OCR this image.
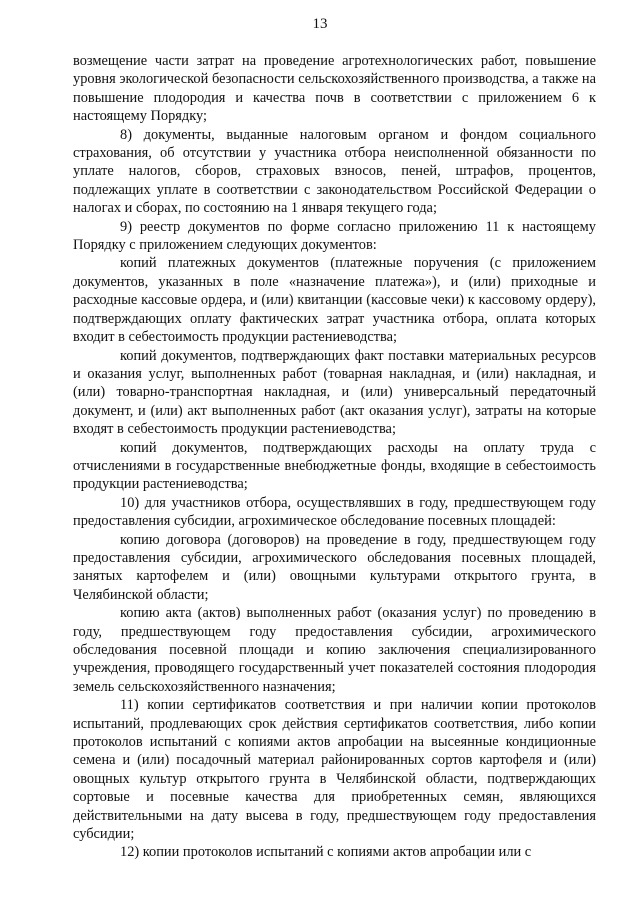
13

возмещение части затрат на проведение агротехнологических работ, повышение уровня экологической безопасности сельскохозяйственного производства, а также на повышение плодородия и качества почв в соответствии с приложением 6 к настоящему Порядку;

8) документы, выданные налоговым органом и фондом социального страхования, об отсутствии у участника отбора неисполненной обязанности по уплате налогов, сборов, страховых взносов, пеней, штрафов, процентов, подлежащих уплате в соответствии с законодательством Российской Федерации о налогах и сборах, по состоянию на 1 января текущего года;

9) реестр документов по форме согласно приложению 11 к настоящему Порядку с приложением следующих документов:

копий платежных документов (платежные поручения (с приложением документов, указанных в поле «назначение платежа»), и (или) приходные и расходные кассовые ордера, и (или) квитанции (кассовые чеки) к кассовому ордеру), подтверждающих оплату фактических затрат участника отбора, оплата которых входит в себестоимость продукции растениеводства;

копий документов, подтверждающих факт поставки материальных ресурсов и оказания услуг, выполненных работ (товарная накладная, и (или) накладная, и (или) товарно-транспортная накладная, и (или) универсальный передаточный документ, и (или) акт выполненных работ (акт оказания услуг), затраты на которые входят в себестоимость продукции растениеводства;

копий документов, подтверждающих расходы на оплату труда с отчислениями в государственные внебюджетные фонды, входящие в себестоимость продукции растениеводства;

10) для участников отбора, осуществлявших в году, предшествующем году предоставления субсидии, агрохимическое обследование посевных площадей:

копию договора (договоров) на проведение в году, предшествующем году предоставления субсидии, агрохимического обследования посевных площадей, занятых картофелем и (или) овощными культурами открытого грунта, в Челябинской области;

копию акта (актов) выполненных работ (оказания услуг) по проведению в году, предшествующем году предоставления субсидии, агрохимического обследования посевной площади и копию заключения специализированного учреждения, проводящего государственный учет показателей состояния плодородия земель сельскохозяйственного назначения;

11) копии сертификатов соответствия и при наличии копии протоколов испытаний, продлевающих срок действия сертификатов соответствия, либо копии протоколов испытаний с копиями актов апробации на высеянные кондиционные семена и (или) посадочный материал районированных сортов картофеля и (или) овощных культур открытого грунта в Челябинской области, подтверждающих сортовые и посевные качества для приобретенных семян, являющихся действительными на дату высева в году, предшествующем году предоставления субсидии;

12) копии протоколов испытаний с копиями актов апробации или с
